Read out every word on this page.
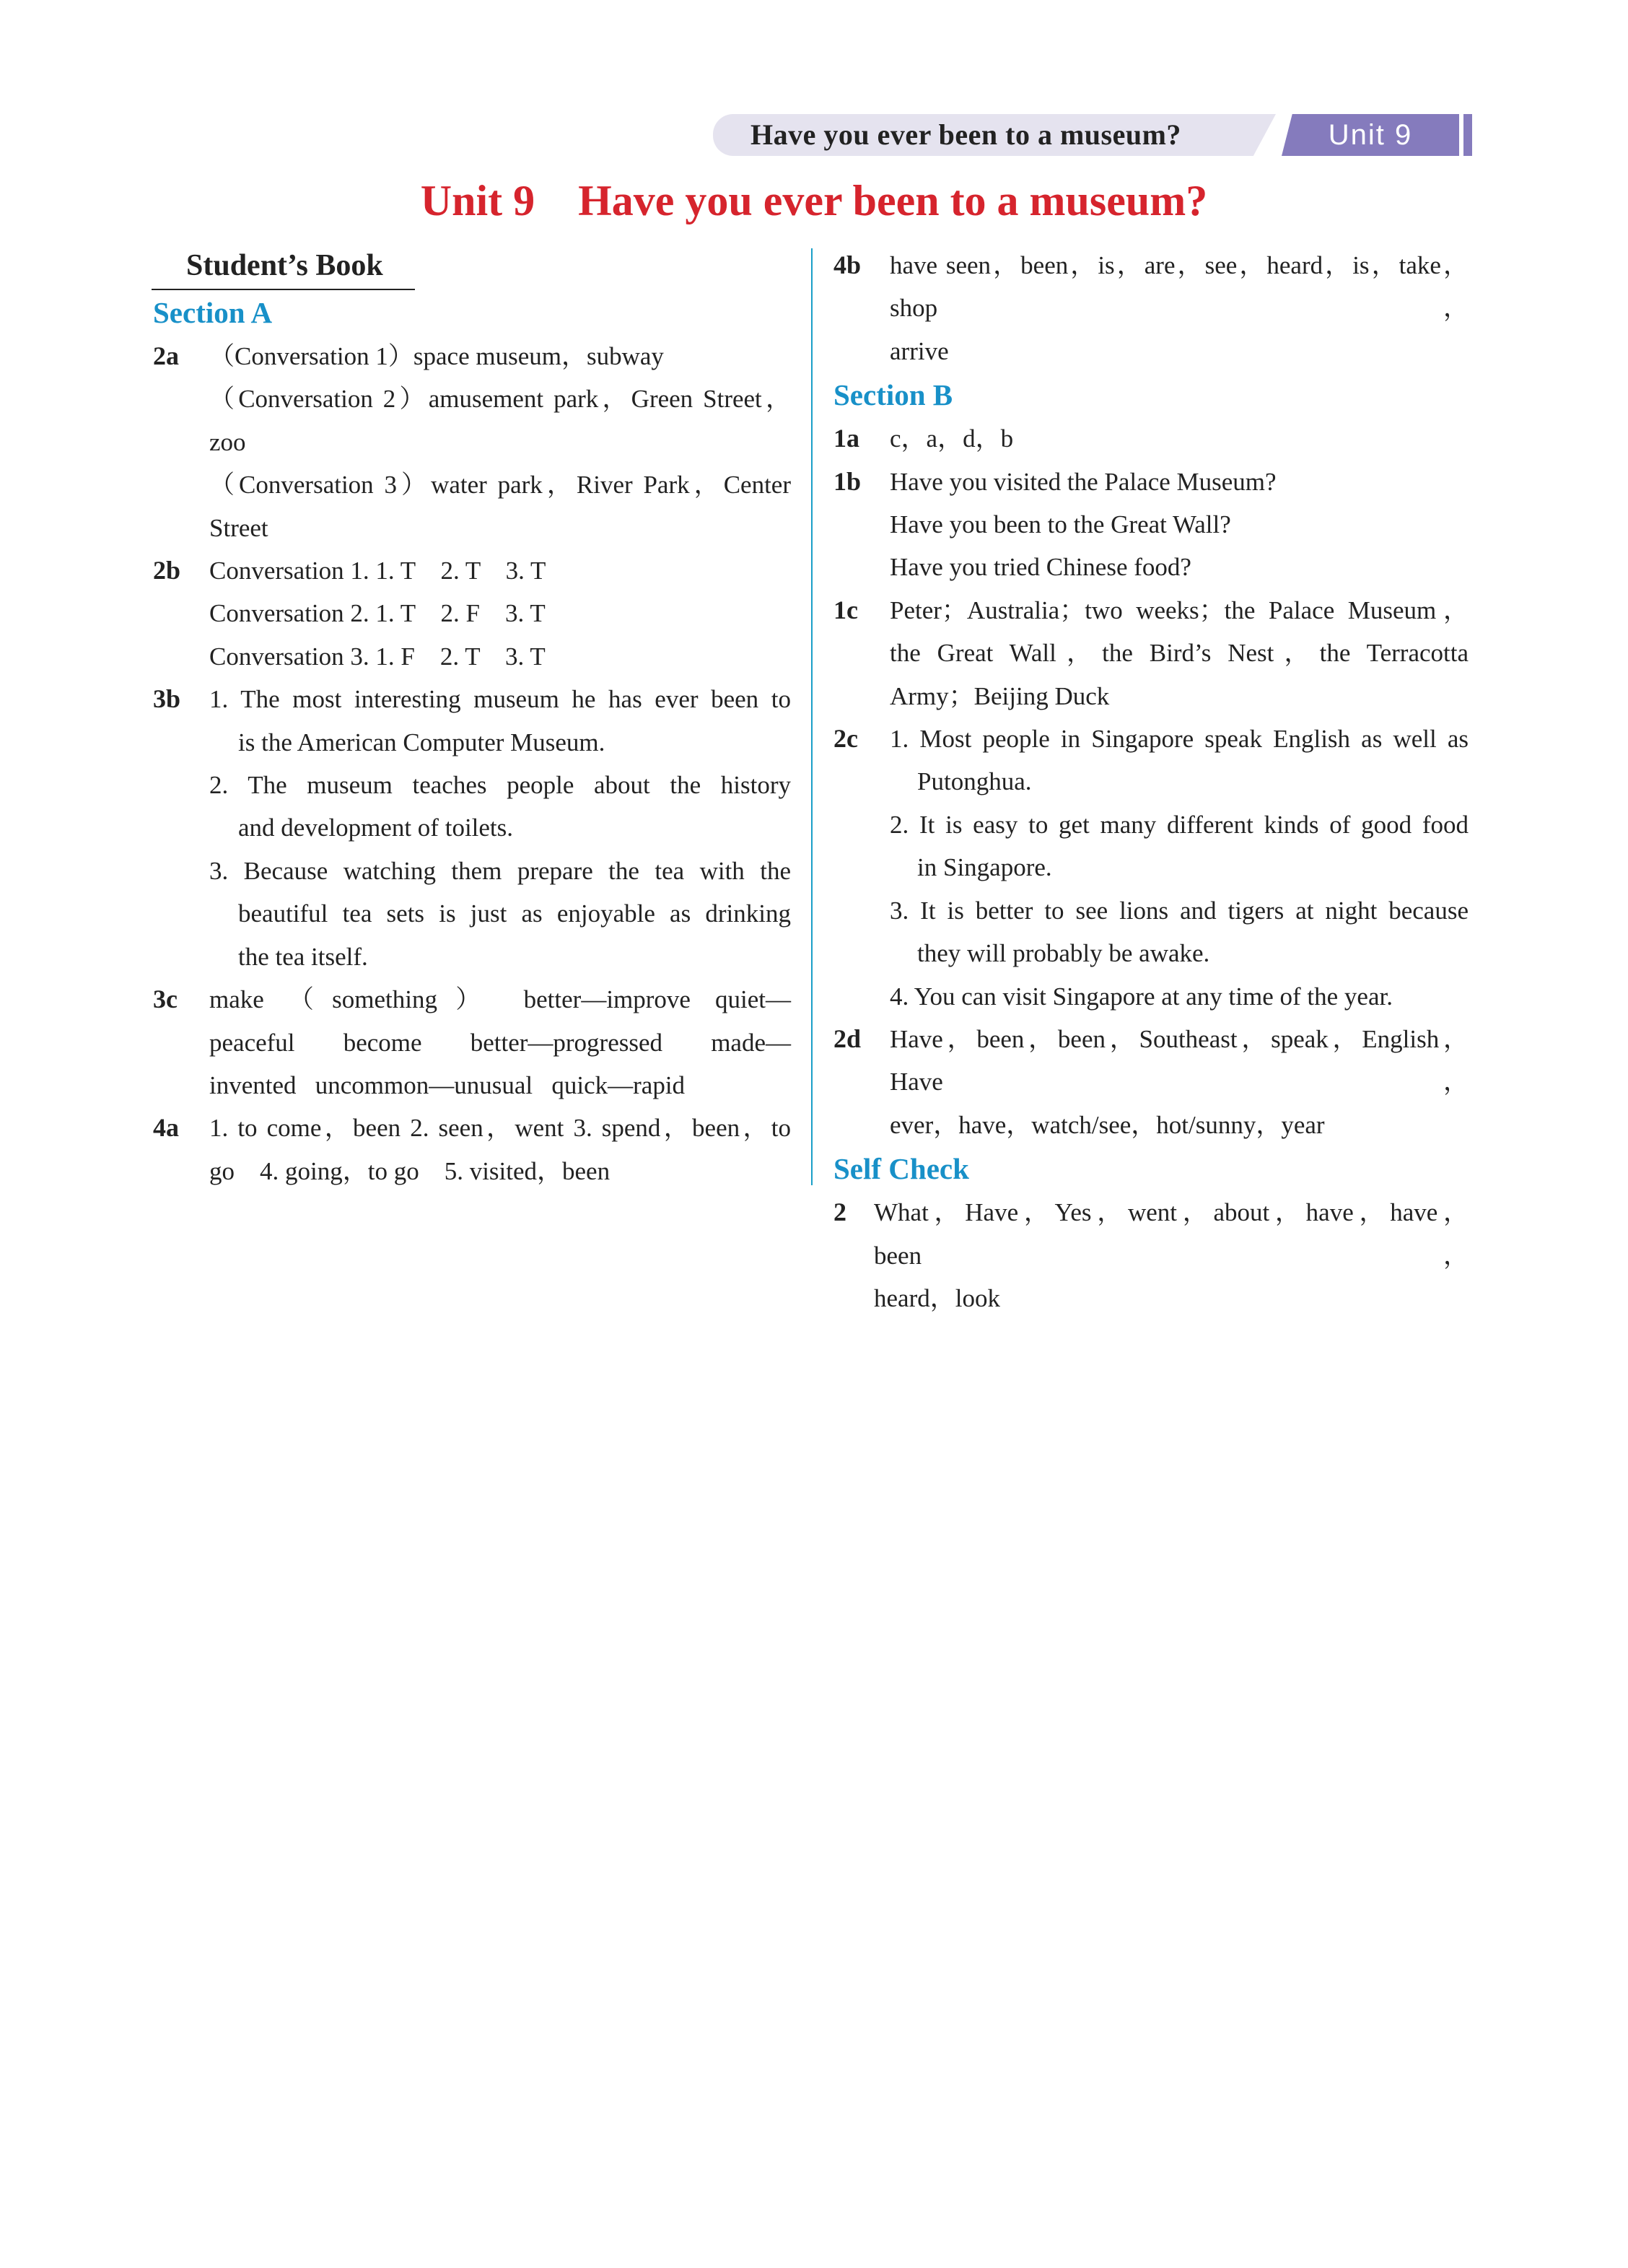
Have you ever been to a museum?	Unit 9
Unit 9    Have you ever been to a museum?
Student’s Book
Section A
2a	（Conversation 1）space museum，subway
（Conversation 2）amusement park，Green Street，
zoo
（Conversation 3）water park，River Park，Center
Street
2b	Conversation 1. 1. T    2. T    3. T
Conversation 2. 1. T    2. F    3. T
Conversation 3. 1. F    2. T    3. T
3b	1. The most interesting museum he has ever been to
is the American Computer Museum.
2. The museum teaches people about the history
and development of toilets.
3. Because watching them prepare the tea with the
beautiful tea sets is just as enjoyable as drinking
the tea itself.
3c	make （something） better—improve quiet—
peaceful become better—progressed made—
invented   uncommon—unusual   quick—rapid
4a	1. to come，been 2. seen，went 3. spend，been，to
go    4. going，to go    5. visited，been
4b	have seen，been，is，are，see，heard，is，take，shop，
arrive
Section B
1a	c，a，d，b
1b	Have you visited the Palace Museum?
Have you been to the Great Wall?
Have you tried Chinese food?
1c	Peter；Australia；two weeks；the Palace Museum，
the Great Wall，the Bird’s Nest，the Terracotta
Army；Beijing Duck
2c	1. Most people in Singapore speak English as well as
Putonghua.
2. It is easy to get many different kinds of good food
in Singapore.
3. It is better to see lions and tigers at night because
they will probably be awake.
4. You can visit Singapore at any time of the year.
2d	Have，been，been，Southeast，speak，English，Have，
ever，have，watch/see，hot/sunny，year
Self Check
2	What，Have，Yes，went，about，have，have，been，
heard，look
